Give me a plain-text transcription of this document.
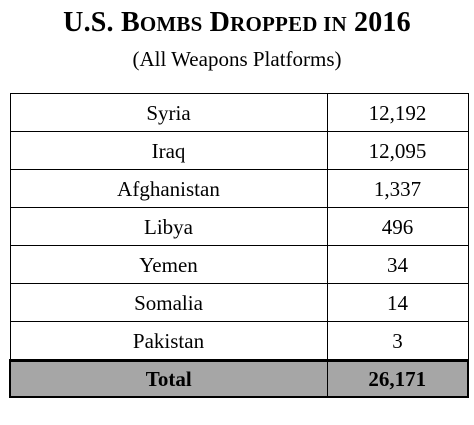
U.S. BOMBS DROPPED IN 2016
(All Weapons Platforms)
Syria	12,192
Iraq	12,095
Afghanistan	1,337
Libya	496
Yemen	34
Somalia	14
Pakistan	3
Total	26,171
